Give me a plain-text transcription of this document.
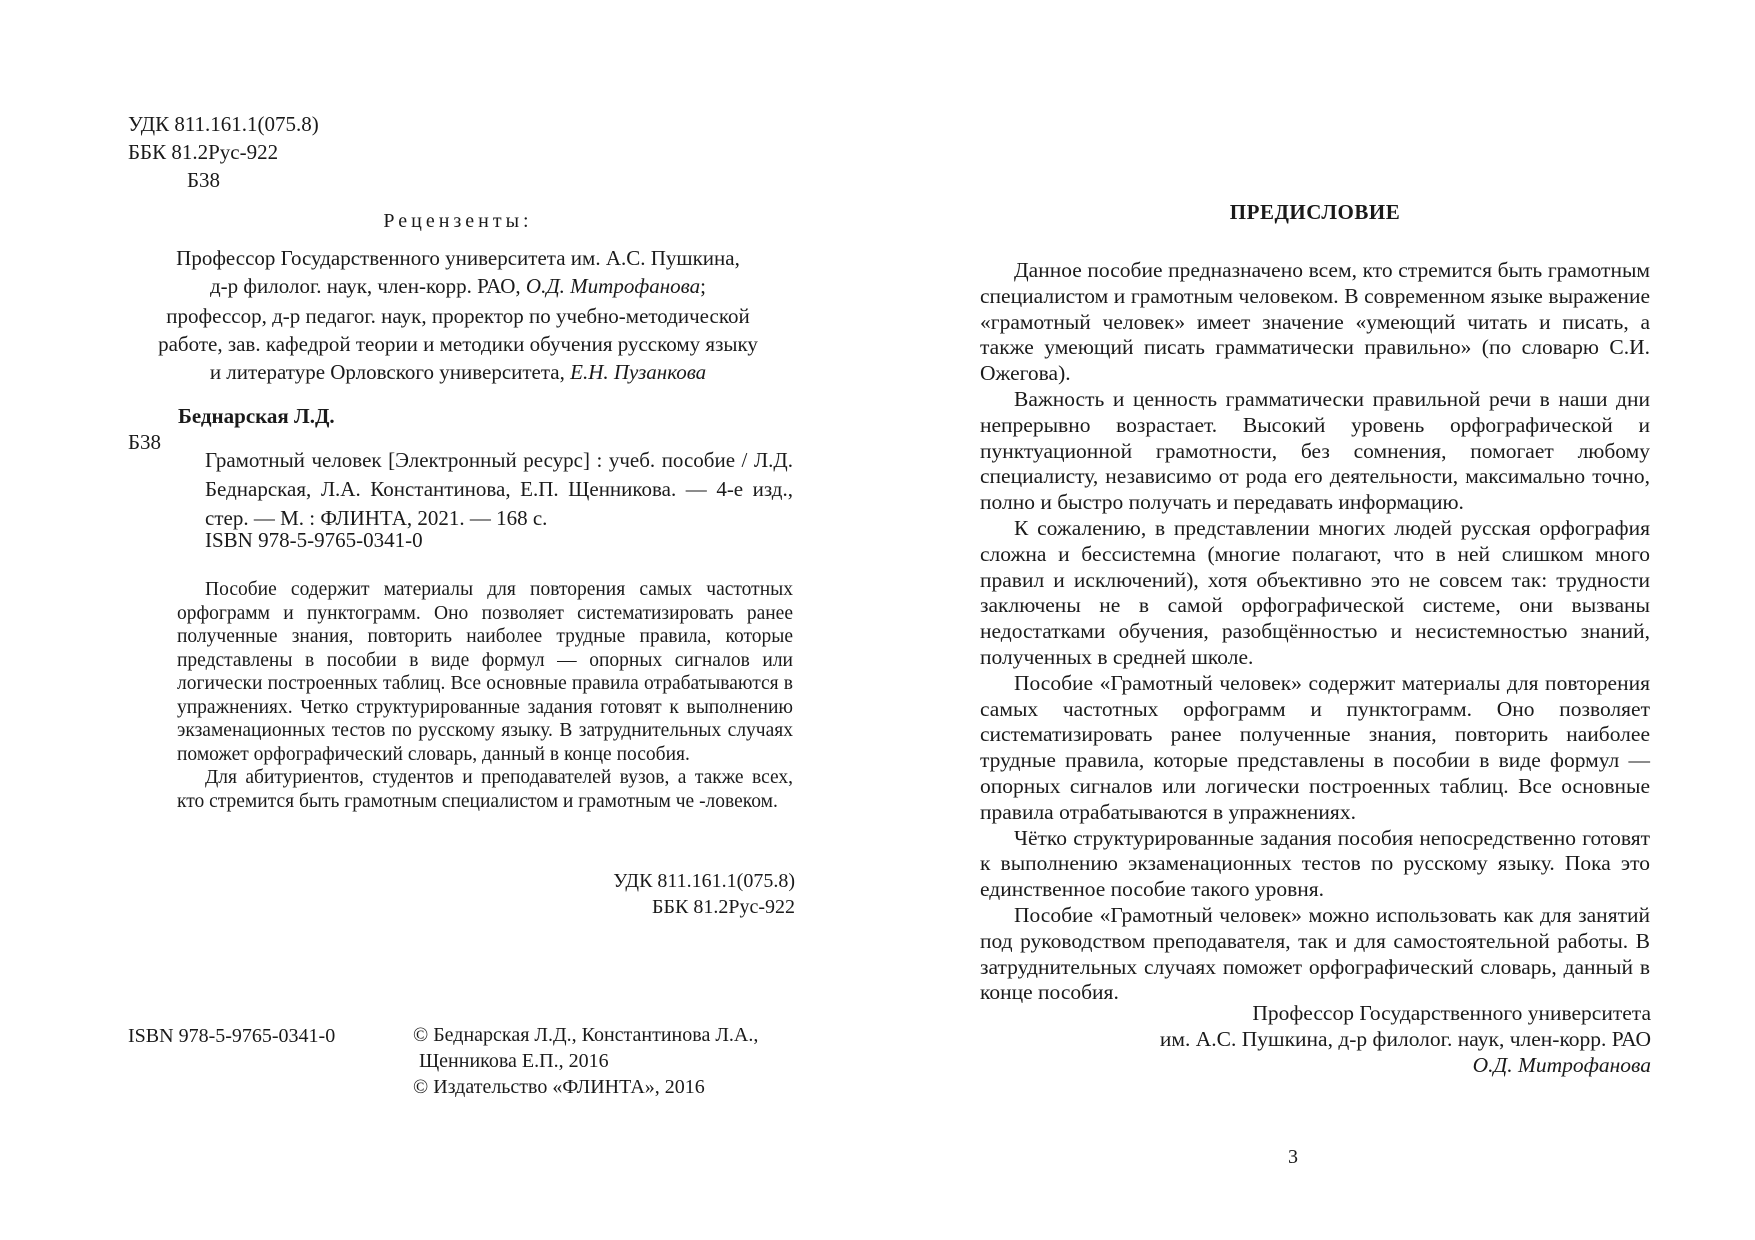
УДК 811.161.1(075.8)
ББК 81.2Рус-922
Б38
Рецензенты:
Профессор Государственного университета им. А.С. Пушкина,
д-р филолог. наук, член-корр. РАО, О.Д. Митрофанова;
профессор, д-р педагог. наук, проректор по учебно-методической
работе, зав. кафедрой теории и методики обучения русскому языку
и литературе Орловского университета, Е.Н. Пузанкова
Беднарская Л.Д.
Б38
Грамотный человек [Электронный ресурс] : учеб. пособие / Л.Д. Беднарская, Л.А. Константинова, Е.П. Щенникова. — 4-е изд., стер. — М. : ФЛИНТА, 2021. — 168 с.
ISBN 978-5-9765-0341-0

Пособие содержит материалы для повторения самых частотных орфограмм и пунктограмм. Оно позволяет систематизировать ранее полученные знания, повторить наиболее трудные правила, которые представлены в пособии в виде формул — опорных сигналов или логически построенных таблиц. Все основные правила отрабатываются в упражнениях. Четко структурированные задания готовят к выполнению экзаменационных тестов по русскому языку. В затруднительных случаях поможет орфографический словарь, данный в конце пособия.

Для абитуриентов, студентов и преподавателей вузов, а также всех, кто стремится быть грамотным специалистом и грамотным че -ловеком.

УДК 811.161.1(075.8)
ББК 81.2Рус-922
ISBN 978-5-9765-0341-0	© Беднарская Л.Д., Константинова Л.А.,
Щенникова Е.П., 2016
© Издательство «ФЛИНТА», 2016
ПРЕДИСЛОВИЕ

Данное пособие предназначено всем, кто стремится быть грамотным специалистом и грамотным человеком. В современном языке выражение «грамотный человек» имеет значение «умеющий читать и писать, а также умеющий писать грамматически правильно» (по словарю С.И. Ожегова).

Важность и ценность грамматически правильной речи в наши дни непрерывно возрастает. Высокий уровень орфографической и пунктуационной грамотности, без сомнения, помогает любому специалисту, независимо от рода его деятельности, максимально точно, полно и быстро получать и передавать информацию.

К сожалению, в представлении многих людей русская орфография сложна и бессистемна (многие полагают, что в ней слишком много правил и исключений), хотя объективно это не совсем так: трудности заключены не в самой орфографической системе, они вызваны недостатками обучения, разобщённостью и несистемностью знаний, полученных в средней школе.

Пособие «Грамотный человек» содержит материалы для повторения самых частотных орфограмм и пунктограмм. Оно позволяет систематизировать ранее полученные знания, повторить наиболее трудные правила, которые представлены в пособии в виде формул — опорных сигналов или логически построенных таблиц. Все основные правила отрабатываются в упражнениях.

Чётко структурированные задания пособия непосредственно готовят к выполнению экзаменационных тестов по русскому языку. Пока это единственное пособие такого уровня.

Пособие «Грамотный человек» можно использовать как для занятий под руководством преподавателя, так и для самостоятельной работы. В затруднительных случаях поможет орфографический словарь, данный в конце пособия.

Профессор Государственного университета
им. А.С. Пушкина, д-р филолог. наук, член-корр. РАО
О.Д. Митрофанова
3
